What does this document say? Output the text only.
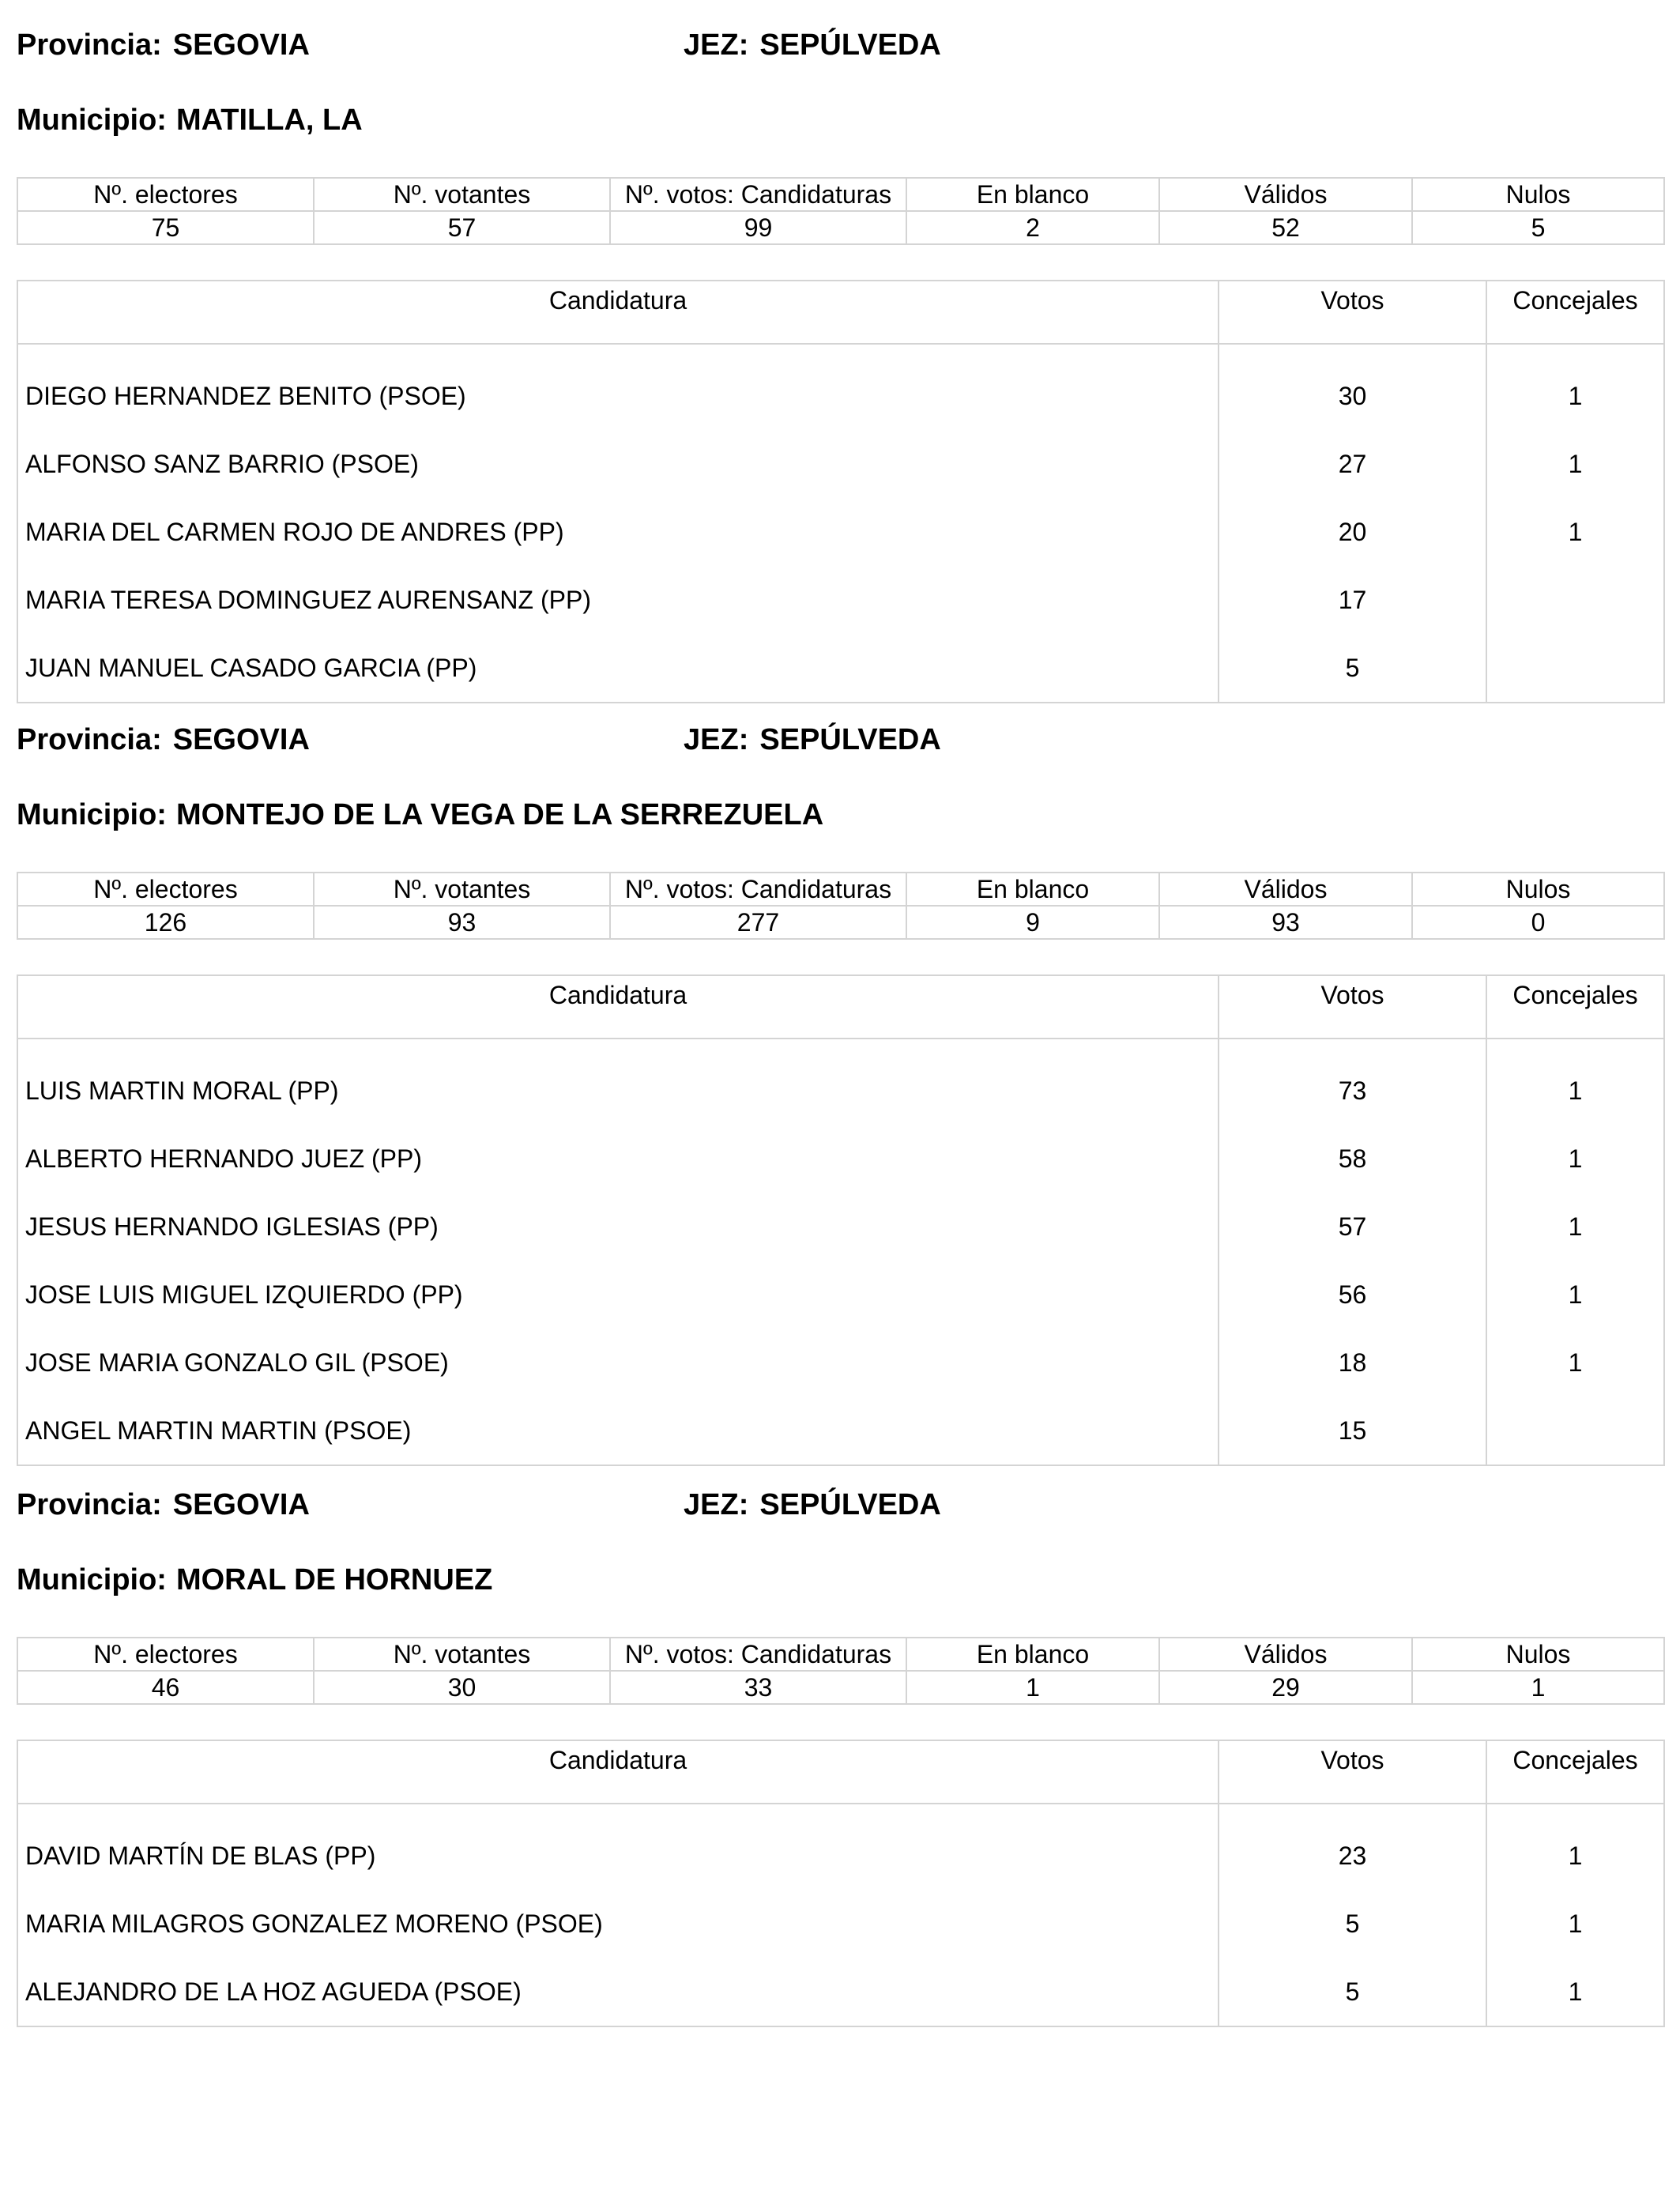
Provincia: SEGOVIA	JEZ: SEPÚLVEDA
Municipio: MATILLA, LA
Nº. electores	Nº. votantes	Nº. votos: Candidaturas	En blanco	Válidos	Nulos
75	57	99	2	52	5
Candidatura	Votos	Concejales
DIEGO HERNANDEZ BENITO (PSOE)	30	1
ALFONSO SANZ BARRIO (PSOE)	27	1
MARIA DEL CARMEN ROJO DE ANDRES (PP)	20	1
MARIA TERESA DOMINGUEZ AURENSANZ (PP)	17	
JUAN MANUEL CASADO GARCIA (PP)	5	
Provincia: SEGOVIA	JEZ: SEPÚLVEDA
Municipio: MONTEJO DE LA VEGA DE LA SERREZUELA
Nº. electores	Nº. votantes	Nº. votos: Candidaturas	En blanco	Válidos	Nulos
126	93	277	9	93	0
Candidatura	Votos	Concejales
LUIS MARTIN MORAL (PP)	73	1
ALBERTO HERNANDO JUEZ (PP)	58	1
JESUS HERNANDO IGLESIAS (PP)	57	1
JOSE LUIS MIGUEL IZQUIERDO (PP)	56	1
JOSE MARIA GONZALO GIL (PSOE)	18	1
ANGEL MARTIN MARTIN (PSOE)	15	
Provincia: SEGOVIA	JEZ: SEPÚLVEDA
Municipio: MORAL DE HORNUEZ
Nº. electores	Nº. votantes	Nº. votos: Candidaturas	En blanco	Válidos	Nulos
46	30	33	1	29	1
Candidatura	Votos	Concejales
DAVID MARTÍN DE BLAS (PP)	23	1
MARIA MILAGROS GONZALEZ MORENO (PSOE)	5	1
ALEJANDRO DE LA HOZ AGUEDA (PSOE)	5	1
